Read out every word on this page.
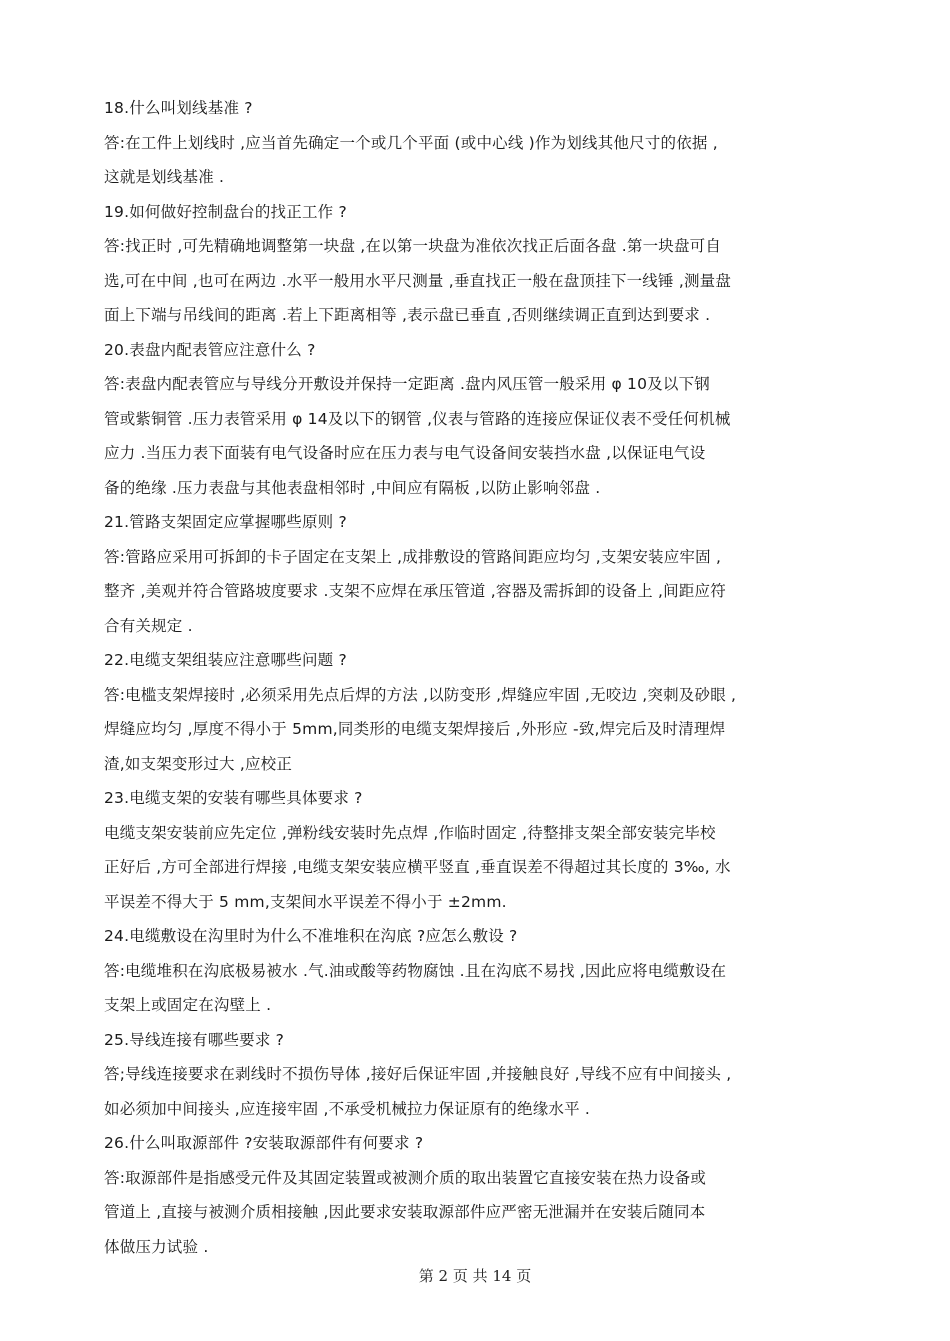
18.什么叫划线基准 ?
答:在工件上划线时 ,应当首先确定一个或几个平面 (或中心线 )作为划线其他尺寸的依据 ,
这就是划线基准 .
19.如何做好控制盘台的找正工作 ?
答:找正时 ,可先精确地调整第一块盘 ,在以第一块盘为准依次找正后面各盘 .第一块盘可自
选,可在中间 ,也可在两边 .水平一般用水平尺测量 ,垂直找正一般在盘顶挂下一线锤 ,测量盘
面上下端与吊线间的距离 .若上下距离相等 ,表示盘已垂直 ,否则继续调正直到达到要求 .
20.表盘内配表管应注意什么 ?
答:表盘内配表管应与导线分开敷设并保持一定距离 .盘内风压管一般采用 φ 10及以下钢
管或紫铜管 .压力表管采用 φ 14及以下的钢管 ,仪表与管路的连接应保证仪表不受任何机械
应力 .当压力表下面装有电气设备时应在压力表与电气设备间安装挡水盘 ,以保证电气设
备的绝缘 .压力表盘与其他表盘相邻时 ,中间应有隔板 ,以防止影响邻盘 .
21.管路支架固定应掌握哪些原则 ?
答:管路应采用可拆卸的卡子固定在支架上 ,成排敷设的管路间距应均匀 ,支架安装应牢固 ,
整齐 ,美观并符合管路坡度要求 .支架不应焊在承压管道 ,容器及需拆卸的设备上 ,间距应符
合有关规定 .
22.电缆支架组装应注意哪些问题 ?
答:电槛支架焊接时 ,必须采用先点后焊的方法 ,以防变形 ,焊缝应牢固 ,无咬边 ,突刺及砂眼 ,
焊缝应均匀 ,厚度不得小于 5mm,同类形的电缆支架焊接后 ,外形应 -致,焊完后及时清理焊
渣,如支架变形过大 ,应校正
23.电缆支架的安装有哪些具体要求 ?
电缆支架安装前应先定位 ,弹粉线安装时先点焊 ,作临时固定 ,待整排支架全部安装完毕校
正好后 ,方可全部进行焊接 ,电缆支架安装应横平竖直 ,垂直误差不得超过其长度的 3‰, 水
平误差不得大于 5 mm,支架间水平误差不得小于 ±2mm.
24.电缆敷设在沟里时为什么不准堆积在沟底 ?应怎么敷设 ?
答:电缆堆积在沟底极易被水 .气.油或酸等药物腐蚀 .且在沟底不易找 ,因此应将电缆敷设在
支架上或固定在沟壁上 .
25.导线连接有哪些要求 ?
答;导线连接要求在剥线时不损伤导体 ,接好后保证牢固 ,并接触良好 ,导线不应有中间接头 ,
如必须加中间接头 ,应连接牢固 ,不承受机械拉力保证原有的绝缘水平 .
26.什么叫取源部件 ?安装取源部件有何要求 ?
答:取源部件是指感受元件及其固定装置或被测介质的取出装置它直接安装在热力设备或
管道上 ,直接与被测介质相接触 ,因此要求安装取源部件应严密无泄漏并在安装后随同本
体做压力试验 .
第 2 页 共 14 页
